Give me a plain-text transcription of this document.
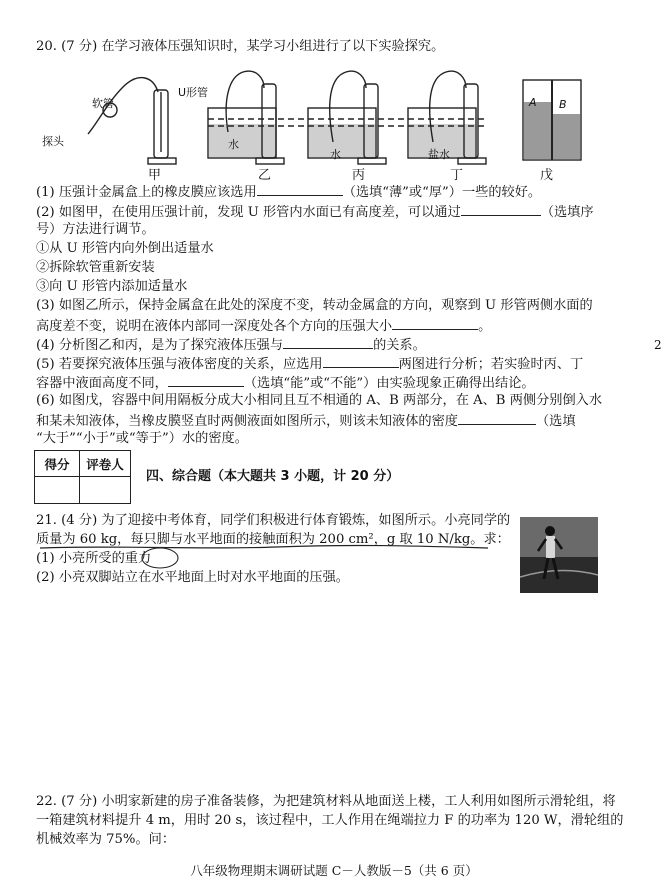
20. (7 分) 在学习液体压强知识时，某学习小组进行了以下实验探究。
U形管
软管
探头	水
水	盐水
A B
甲	乙	丙	丁	戊
(1) 压强计金属盒上的橡皮膜应该选用	（选填“薄”或“厚”）一些的较好。
(2) 如图甲，在使用压强计前，发现 U 形管内水面已有高度差，可以通过	（选填序
号）方法进行调节。
①从 U 形管内向外倒出适量水
②拆除软管重新安装
③向 U 形管内添加适量水
(3) 如图乙所示，保持金属盒在此处的深度不变，转动金属盒的方向，观察到 U 形管两侧水面的
高度差不变，说明在液体内部同一深度处各个方向的压强大小	。
(4) 分析图乙和丙，是为了探究液体压强与	的关系。
(5) 若要探究液体压强与液体密度的关系，应选用	两图进行分析；若实验时丙、丁
容器中液面高度不同，	（选填“能”或“不能”）由实验现象正确得出结论。
(6) 如图戊，容器中间用隔板分成大小相同且互不相通的 A、B 两部分，在 A、B 两侧分别倒入水
和某未知液体，当橡皮膜竖直时两侧液面如图所示，则该未知液体的密度	（选填
“大于”“小于”或“等于”）水的密度。
得分	评卷人

四、综合题（本大题共 3 小题，计 20 分）
21. (4 分) 为了迎接中考体育，同学们积极进行体育锻炼，如图所示。小亮同学的
质量为 60 kg，每只脚与水平地面的接触面积为 200 cm²，g 取 10 N/kg。求：
(1) 小亮所受的重力
(2) 小亮双脚站立在水平地面上时对水平地面的压强。
22. (7 分) 小明家新建的房子准备装修，为把建筑材料从地面送上楼，工人利用如图所示滑轮组，将
一箱建筑材料提升 4 m，用时 20 s，该过程中，工人作用在绳端拉力 F 的功率为 120 W，滑轮组的
机械效率为 75%。问：
八年级物理期末调研试题 C－人教版－5（共 6 页）
2
